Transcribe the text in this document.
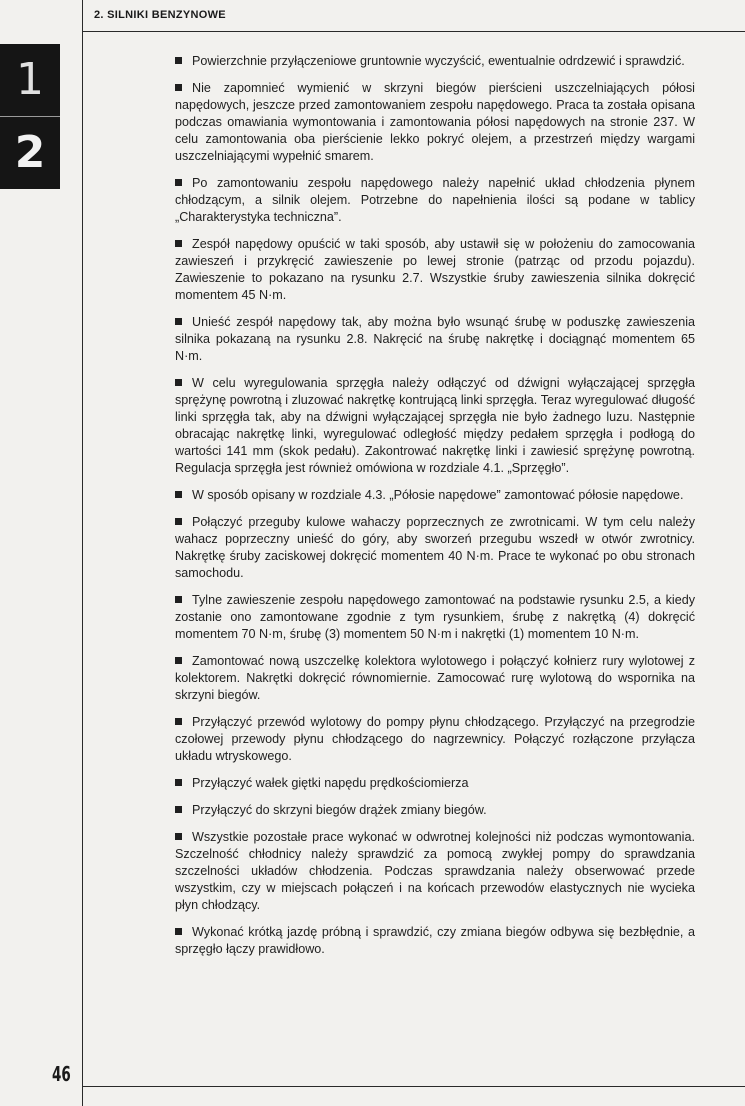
2. SILNIKI BENZYNOWE
1
2

Powierzchnie przyłączeniowe gruntownie wyczyścić, ewentualnie odrdzewić i sprawdzić.

Nie zapomnieć wymienić w skrzyni biegów pierścieni uszczelniających półosi napędowych, jeszcze przed zamontowaniem zespołu napędowego. Praca ta została opisana podczas omawiania wymontowania i zamontowania półosi napędowych na stronie 237. W celu zamontowania oba pierścienie lekko pokryć olejem, a przestrzeń między wargami uszczelniającymi wypełnić smarem.

Po zamontowaniu zespołu napędowego należy napełnić układ chłodzenia płynem chłodzącym, a silnik olejem. Potrzebne do napełnienia ilości są podane w tablicy „Charakterystyka techniczna”.

Zespół napędowy opuścić w taki sposób, aby ustawił się w położeniu do zamocowania zawieszeń i przykręcić zawieszenie po lewej stronie (patrząc od przodu pojazdu). Zawieszenie to pokazano na rysunku 2.7. Wszystkie śruby zawieszenia silnika dokręcić momentem 45 N·m.

Unieść zespół napędowy tak, aby można było wsunąć śrubę w poduszkę zawieszenia silnika pokazaną na rysunku 2.8. Nakręcić na śrubę nakrętkę i dociągnąć momentem 65 N·m.

W celu wyregulowania sprzęgła należy odłączyć od dźwigni wyłączającej sprzęgła sprężynę powrotną i zluzować nakrętkę kontrującą linki sprzęgła. Teraz wyregulować długość linki sprzęgła tak, aby na dźwigni wyłączającej sprzęgła nie było żadnego luzu. Następnie obracając nakrętkę linki, wyregulować odległość między pedałem sprzęgła i podłogą do wartości 141 mm (skok pedału). Zakontrować nakrętkę linki i zawiesić sprężynę powrotną. Regulacja sprzęgła jest również omówiona w rozdziale 4.1. „Sprzęgło”.

W sposób opisany w rozdziale 4.3. „Półosie napędowe” zamontować półosie napędowe.

Połączyć przeguby kulowe wahaczy poprzecznych ze zwrotnicami. W tym celu należy wahacz poprzeczny unieść do góry, aby sworzeń przegubu wszedł w otwór zwrotnicy. Nakrętkę śruby zaciskowej dokręcić momentem 40 N·m. Prace te wykonać po obu stronach samochodu.

Tylne zawieszenie zespołu napędowego zamontować na podstawie rysunku 2.5, a kiedy zostanie ono zamontowane zgodnie z tym rysunkiem, śrubę z nakrętką (4) dokręcić momentem 70 N·m, śrubę (3) momentem 50 N·m i nakrętki (1) momentem 10 N·m.

Zamontować nową uszczelkę kolektora wylotowego i połączyć kołnierz rury wylotowej z kolektorem. Nakrętki dokręcić równomiernie. Zamocować rurę wylotową do wspornika na skrzyni biegów.

Przyłączyć przewód wylotowy do pompy płynu chłodzącego. Przyłączyć na przegrodzie czołowej przewody płynu chłodzącego do nagrzewnicy. Połączyć rozłączone przyłącza układu wtryskowego.

Przyłączyć wałek giętki napędu prędkościomierza

Przyłączyć do skrzyni biegów drążek zmiany biegów.

Wszystkie pozostałe prace wykonać w odwrotnej kolejności niż podczas wymontowania. Szczelność chłodnicy należy sprawdzić za pomocą zwykłej pompy do sprawdzania szczelności układów chłodzenia. Podczas sprawdzania należy obserwować przede wszystkim, czy w miejscach połączeń i na końcach przewodów elastycznych nie wycieka płyn chłodzący.

Wykonać krótką jazdę próbną i sprawdzić, czy zmiana biegów odbywa się bezbłędnie, a sprzęgło łączy prawidłowo.

46
